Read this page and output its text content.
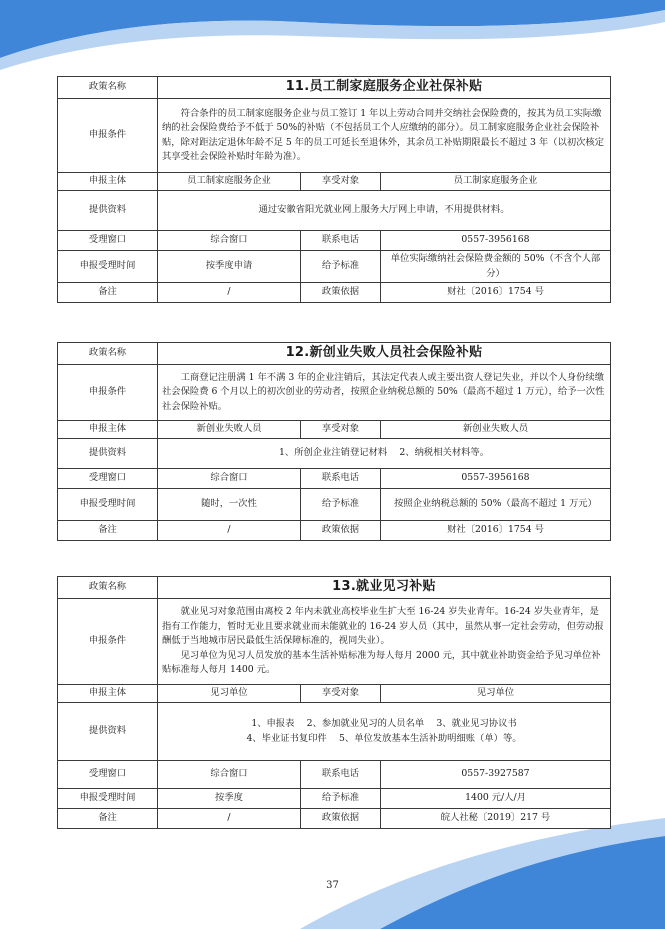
政策名称	11.员工制家庭服务企业社保补贴		
申报条件	符合条件的员工制家庭服务企业与员工签订 1 年以上劳动合同并交纳社会保险费的，按其为员工实际缴纳的社会保险费给予不低于 50%的补贴（不包括员工个人应缴纳的部分）。员工制家庭服务企业社会保险补贴，除对距法定退休年龄不足 5 年的员工可延长至退休外，其余员工补贴期限最长不超过 3 年（以初次核定其享受社会保险补贴时年龄为准）。		

申报主体	员工制家庭服务企业	享受对象	员工制家庭服务企业
提供资料	通过安徽省阳光就业网上服务大厅网上申请，不用提供材料。		
受理窗口	综合窗口	联系电话	0557-3956168
申报受理时间	按季度申请	给予标准	单位实际缴纳社会保险费金额的 50%（不含个人部分）
备注	/	政策依据	财社〔2016〕1754 号
政策名称	12.新创业失败人员社会保险补贴		
申报条件	工商登记注册满 1 年不满 3 年的企业注销后，其法定代表人或主要出资人登记失业，并以个人身份续缴社会保险费 6 个月以上的初次创业的劳动者，按照企业纳税总额的 50%（最高不超过 1 万元），给予一次性社会保险补贴。		

申报主体	新创业失败人员	享受对象	新创业失败人员
提供资料	1、所创企业注销登记材料　 2、纳税相关材料等。		
受理窗口	综合窗口	联系电话	0557-3956168
申报受理时间	随时，一次性	给予标准	按照企业纳税总额的 50%（最高不超过 1 万元）
备注	/	政策依据	财社〔2016〕1754 号
政策名称	13.就业见习补贴		
申报条件	就业见习对象范围由离校 2 年内未就业高校毕业生扩大至 16-24 岁失业青年。16-24 岁失业青年，是指有工作能力，暂时无业且要求就业而未能就业的 16-24 岁人员（其中，虽然从事一定社会劳动，但劳动报酬低于当地城市居民最低生活保障标准的，视同失业）。

见习单位为见习人员发放的基本生活补贴标准为每人每月 2000 元，其中就业补助资金给予见习单位补贴标准每人每月 1400 元。		

申报主体	见习单位	享受对象	见习单位
提供资料	1、申报表　 2、参加就业见习的人员名单　 3、就业见习协议书
4、毕业证书复印件　 5、单位发放基本生活补助明细账（单）等。		

受理窗口	综合窗口	联系电话	0557-3927587
申报受理时间	按季度	给予标准	1400 元/人/月
备注	/	政策依据	皖人社秘〔2019〕217 号
37
